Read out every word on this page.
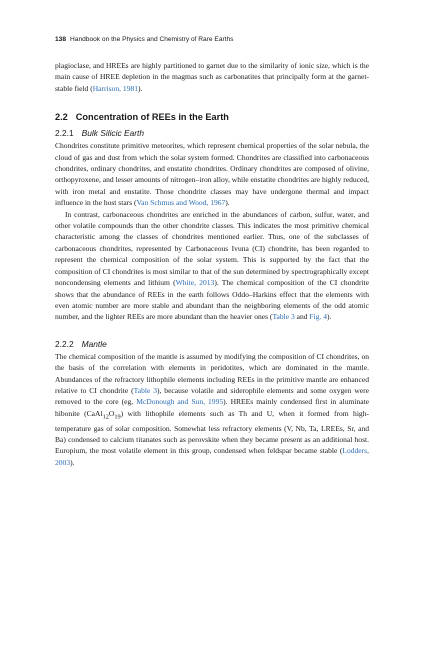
138 Handbook on the Physics and Chemistry of Rare Earths

plagioclase, and HREEs are highly partitioned to garnet due to the similarity of ionic size, which is the main cause of HREE depletion in the magmas such as carbonatites that principally form at the garnet-stable field (Harrison, 1981).

2.2 Concentration of REEs in the Earth
2.2.1 Bulk Silicic Earth

Chondrites constitute primitive meteorites, which represent chemical properties of the solar nebula, the cloud of gas and dust from which the solar system formed. Chondrites are classified into carbonaceous chondrites, ordinary chondrites, and enstatite chondrites. Ordinary chondrites are composed of olivine, orthopyroxene, and lesser amounts of nitrogen–iron alloy, while enstatite chondrites are highly reduced, with iron metal and enstatite. Those chondrite classes may have undergone thermal and impact influence in the host stars (Van Schmus and Wood, 1967).

In contrast, carbonaceous chondrites are enriched in the abundances of carbon, sulfur, water, and other volatile compounds than the other chondrite classes. This indicates the most primitive chemical characteristic among the classes of chondrites mentioned earlier. Thus, one of the subclasses of carbonaceous chondrites, represented by Carbonaceous Ivuna (CI) chondrite, has been regarded to represent the chemical composition of the solar system. This is supported by the fact that the composition of CI chondrites is most similar to that of the sun determined by spectrographically except noncondensing elements and lithium (White, 2013). The chemical composition of the CI chondrite shows that the abundance of REEs in the earth follows Oddo–Harkins effect that the elements with even atomic number are more stable and abundant than the neighboring elements of the odd atomic number, and the lighter REEs are more abundant than the heavier ones (Table 3 and Fig. 4).

2.2.2 Mantle

The chemical composition of the mantle is assumed by modifying the composition of CI chondrites, on the basis of the correlation with elements in peridotites, which are dominated in the mantle. Abundances of the refractory lithophile elements including REEs in the primitive mantle are enhanced relative to CI chondrite (Table 3), because volatile and siderophile elements and some oxygen were removed to the core (eg, McDonough and Sun, 1995). HREEs mainly condensed first in aluminate hibonite $(CaAl_{12}O_{19})$ with lithophile elements such as Th and U, when it formed from high-temperature gas of solar composition. Somewhat less refractory elements (V, Nb, Ta, LREEs, Sr, and Ba) condensed to calcium titanates such as perovskite when they became present as an additional host. Europium, the most volatile element in this group, condensed when feldspar became stable (Lodders, 2003).
